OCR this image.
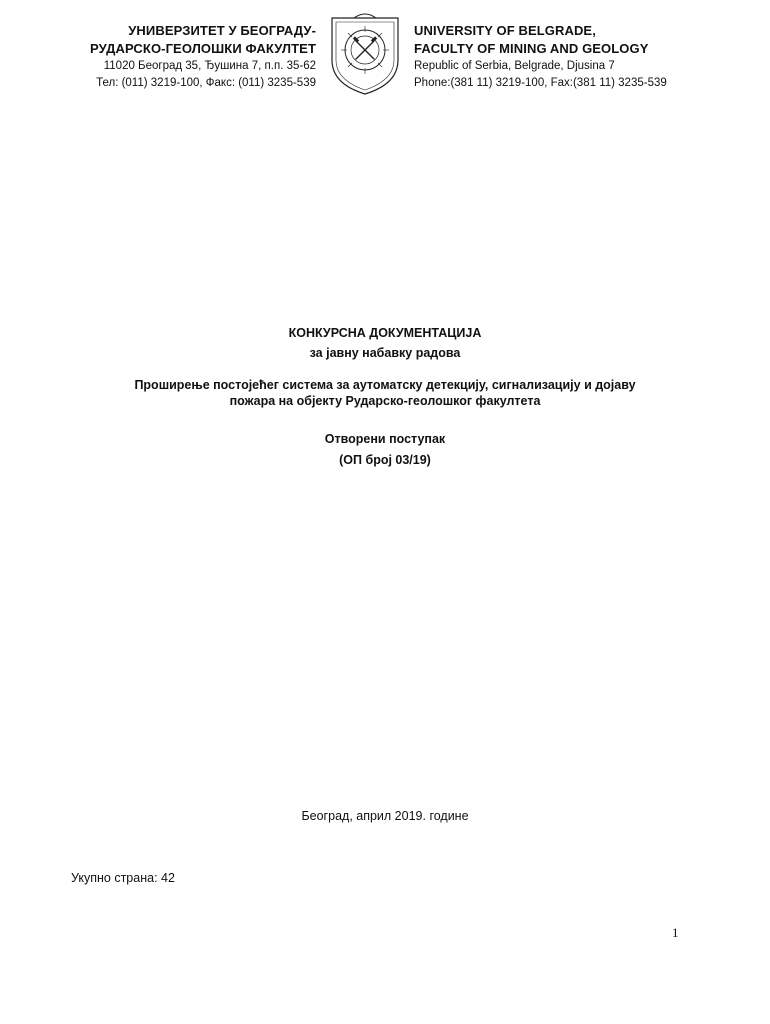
УНИВЕРЗИТЕТ У БЕОГРАДУ-
РУДАРСКО-ГЕОЛОШКИ ФАКУЛТЕТ
11020 Београд 35, Ђушина 7, п.п. 35-62
Тел: (011) 3219-100, Факс: (011) 3235-539
UNIVERSITY OF BELGRADE,
FACULTY OF MINING AND GEOLOGY
Republic of Serbia, Belgrade, Djusina 7
Phone:(381 11) 3219-100, Fax:(381 11) 3235-539
КОНКУРСНА ДОКУМЕНТАЦИЈА
за јавну набавку радова
Проширење постојећег система за аутоматску детекцију, сигнализацију и дојаву
пожара на објекту Рударско-геолошког факултета
Отворени поступак
(ОП број 03/19)
Београд, април 2019. године
Укупно страна: 42
1
